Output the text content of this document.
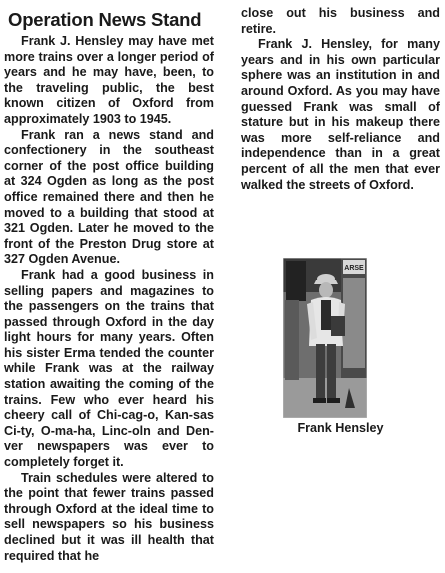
Operation News Stand

Frank J. Hensley may have met more trains over a longer period of years and he may have, been, to the traveling public, the best known citizen of Oxford from approximately 1903 to 1945.

Frank ran a news stand and confectionery in the southeast corner of the post office building at 324 Ogden as long as the post office remained there and then he moved to a building that stood at 321 Ogden. Later he moved to the front of the Preston Drug store at 327 Ogden Avenue.

Frank had a good business in selling papers and magazines to the passengers on the trains that passed through Oxford in the day light hours for many years. Often his sister Erma tended the counter while Frank was at the railway station awaiting the coming of the trains. Few who ever heard his cheery call of Chi-cag-o, Kan-sas Ci-ty, O-ma-ha, Linc-oln and Den-ver newspapers was ever to completely forget it.

Train schedules were altered to the point that fewer trains passed through Oxford at the ideal time to sell newspapers so his business declined but it was ill health that required that he

close out his business and retire.

Frank J. Hensley, for many years and in his own particular sphere was an institution in and around Oxford. As you may have guessed Frank was small of stature but in his makeup there was more self-reliance and independence than in a great percent of all the men that ever walked the streets of Oxford.

ARSE
Frank Hensley
